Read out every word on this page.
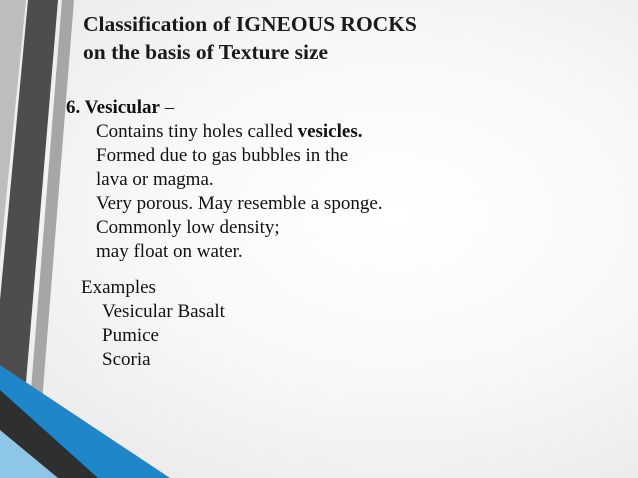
Classification of IGNEOUS ROCKS
on the basis of Texture size
6. Vesicular –
Contains tiny holes called vesicles.
Formed due to gas bubbles in the
lava or magma.
Very porous. May resemble a sponge.
Commonly low density;
may float on water.
Examples
Vesicular Basalt
Pumice
Scoria
